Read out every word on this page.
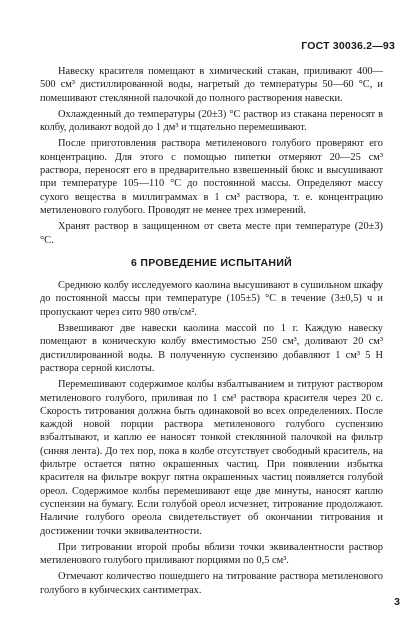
ГОСТ 30036.2—93

Навеску красителя помещают в химический стакан, приливают 400—500 см³ дистиллированной воды, нагретый до температуры 50—60 °С, и помешивают стеклянной палочкой до полного растворения навески.

Охлажденный до температуры (20±3) °С раствор из стакана переносят в колбу, доливают водой до 1 дм³ и тщательно перемешивают.

После приготовления раствора метиленового голубого проверяют его концентрацию. Для этого с помощью пипетки отмеряют 20—25 см³ раствора, переносят его в предварительно взвешенный бюкс и высушивают при температуре 105—110 °С до постоянной массы. Определяют массу сухого вещества в миллиграммах в 1 см³ раствора, т. е. концентрацию метиленового голубого. Проводят не менее трех измерений.

Хранят раствор в защищенном от света месте при температуре (20±3) °С.

6 ПРОВЕДЕНИЕ ИСПЫТАНИЙ

Среднюю колбу исследуемого каолина высушивают в сушильном шкафу до постоянной массы при температуре (105±5) °С в течение (3±0,5) ч и пропускают через сито 980 отв/см².

Взвешивают две навески каолина массой по 1 г. Каждую навеску помещают в коническую колбу вместимостью 250 см³, доливают 20 см³ дистиллированной воды. В полученную суспензию добавляют 1 см³ 5 Н раствора серной кислоты.

Перемешивают содержимое колбы взбалтыванием и титруют раствором метиленового голубого, приливая по 1 см³ раствора красителя через 20 с. Скорость титрования должна быть одинаковой во всех определениях. После каждой новой порции раствора метиленового голубого суспензию взбалтывают, и каплю ее наносят тонкой стеклянной палочкой на фильтр (синяя лента). До тех пор, пока в колбе отсутствует свободный краситель, на фильтре остается пятно окрашенных частиц. При появлении избытка красителя на фильтре вокруг пятна окрашенных частиц появляется голубой ореол. Содержимое колбы перемешивают еще две минуты, наносят каплю суспензии на бумагу. Если голубой ореол исчезнет, титрование продолжают. Наличие голубого ореола свидетельствует об окончании титрования и достижении точки эквивалентности.

При титровании второй пробы вблизи точки эквивалентности раствор метиленового голубого приливают порциями по 0,5 см³.

Отмечают количество пошедшего на титрование раствора метиленового голубого в кубических сантиметрах.

3
